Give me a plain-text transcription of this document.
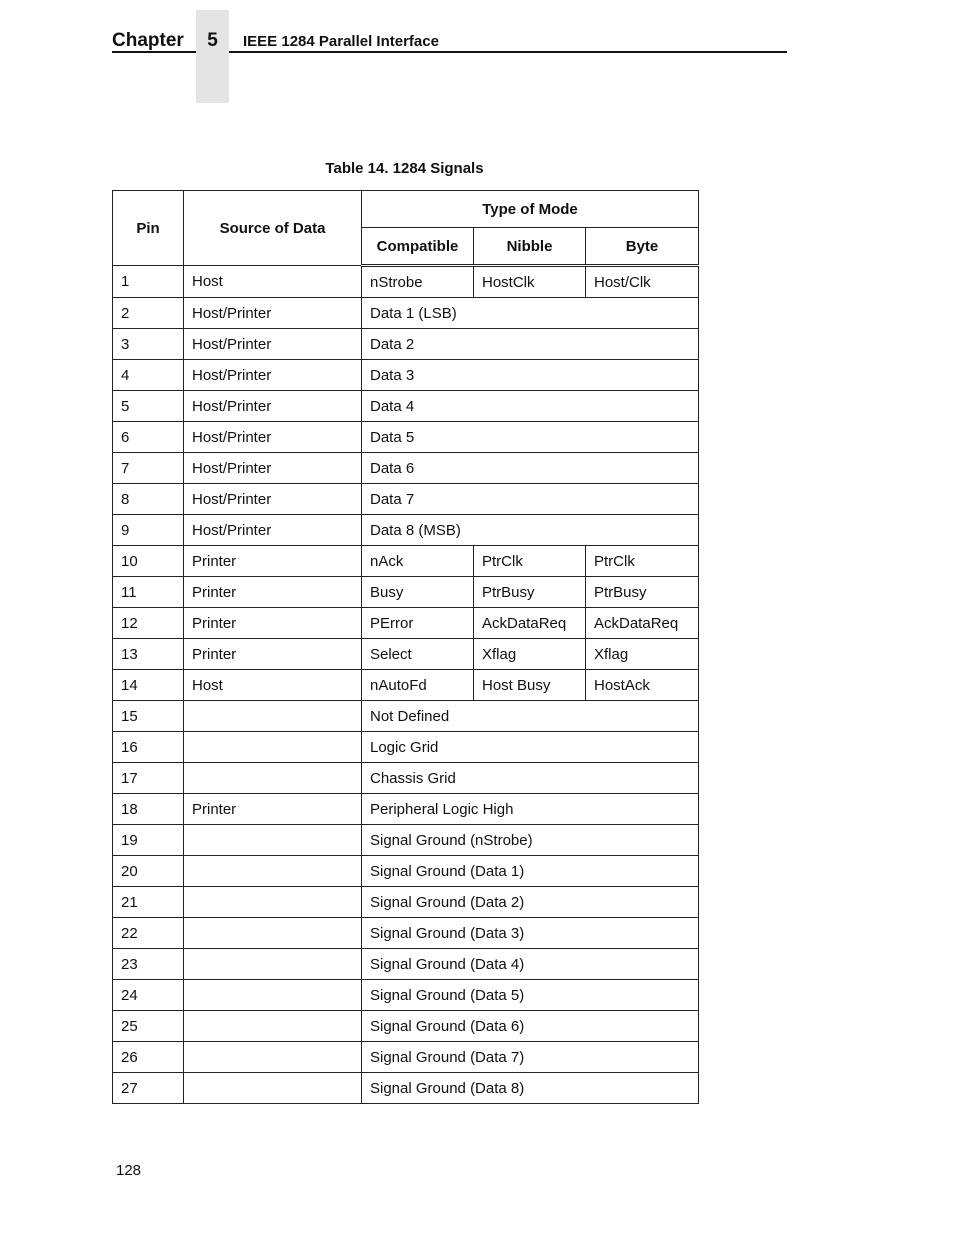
Chapter	5	IEEE 1284 Parallel Interface
Table 14. 1284 Signals
Pin	Source of Data	Type of Mode		
		Compatible	Nibble	Byte
1	Host	nStrobe	HostClk	Host/Clk
2	Host/Printer	Data 1 (LSB)		
3	Host/Printer	Data 2		
4	Host/Printer	Data 3		
5	Host/Printer	Data 4		
6	Host/Printer	Data 5		
7	Host/Printer	Data 6		
8	Host/Printer	Data 7		
9	Host/Printer	Data 8 (MSB)		
10	Printer	nAck	PtrClk	PtrClk
11	Printer	Busy	PtrBusy	PtrBusy
12	Printer	PError	AckDataReq	AckDataReq
13	Printer	Select	Xflag	Xflag
14	Host	nAutoFd	Host Busy	HostAck
15		Not Defined		
16		Logic Grid		
17		Chassis Grid		
18	Printer	Peripheral Logic High		
19		Signal Ground (nStrobe)		
20		Signal Ground (Data 1)		
21		Signal Ground (Data 2)		
22		Signal Ground (Data 3)		
23		Signal Ground (Data 4)		
24		Signal Ground (Data 5)		
25		Signal Ground (Data 6)		
26		Signal Ground (Data 7)		
27		Signal Ground (Data 8)		
128
